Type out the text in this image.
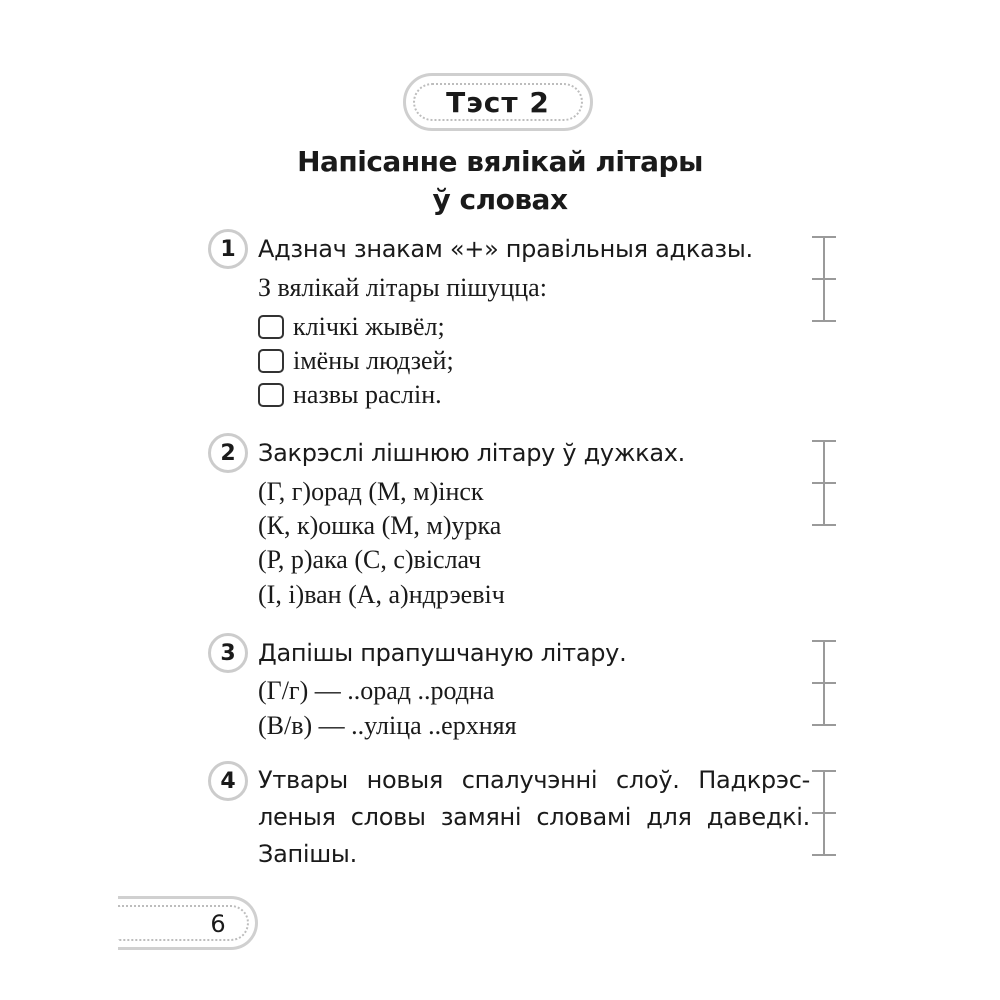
Тэст 2
Напісанне вялікай літары
ў словах
1 Адзнач знакам «+» правільныя адказы.
З вялікай літары пішуцца:
клічкі жывёл;
імёны людзей;
назвы раслін.
2 Закрэслі лішнюю літару ў дужках.
(Г, г)орад (М, м)інск
(К, к)ошка (М, м)урка
(Р, р)ака (С, с)віслач
(І, і)ван (А, а)ндрэевіч
3 Дапішы прапушчаную літару.
(Г/г) — ..орад ..родна
(В/в) — ..уліца ..ерхняя
4 Утвары новыя спалучэнні слоў. Падкрэс-
леныя словы замяні словамі для даведкі.
Запішы.
6
